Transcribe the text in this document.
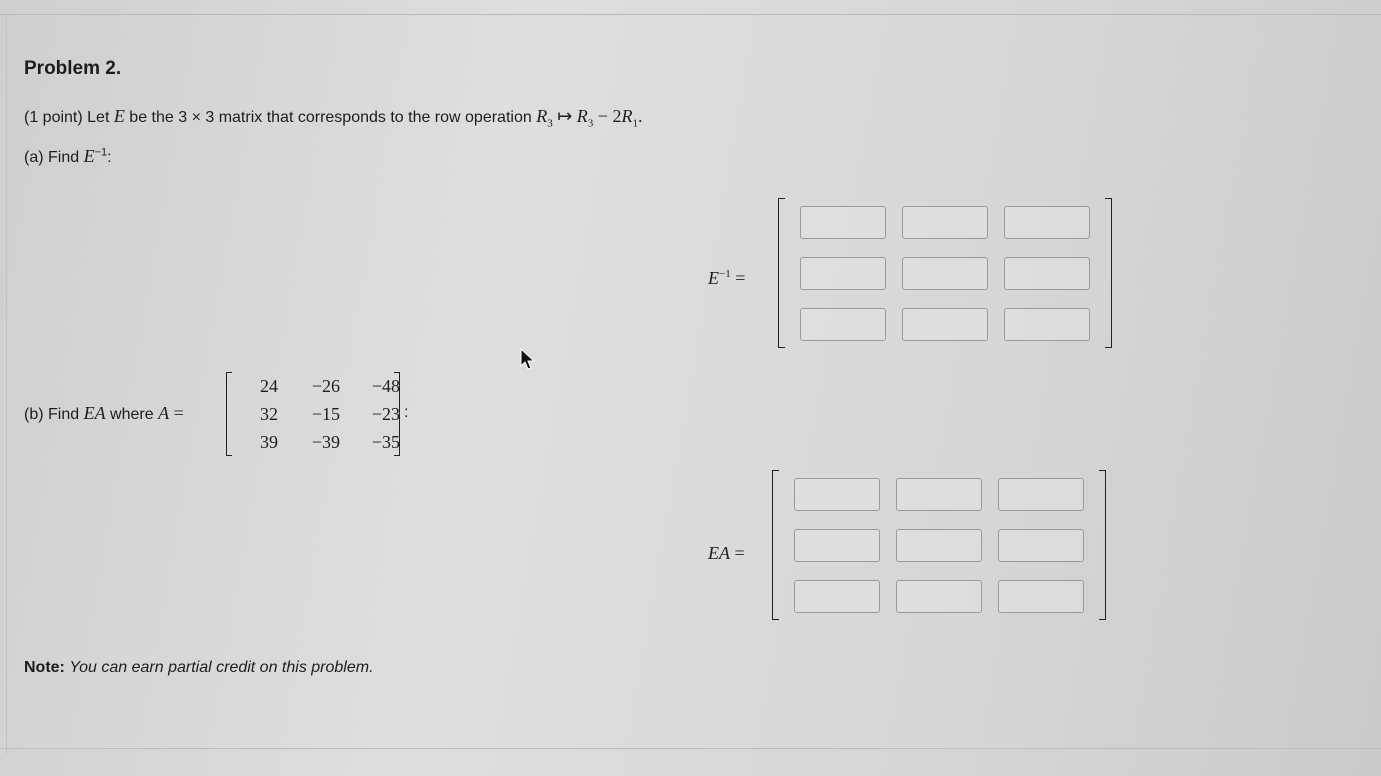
Problem 2.
(1 point) Let E be the 3 × 3 matrix that corresponds to the row operation $R_3$ ↦ $R_3 - 2R_1$.
(a) Find $E^{-1}$:
$E^{-1}$ =
(b) Find EA where A =
24	−26	−48
32	−15	−23
39	−39	−35
:
EA =
Note: You can earn partial credit on this problem.
